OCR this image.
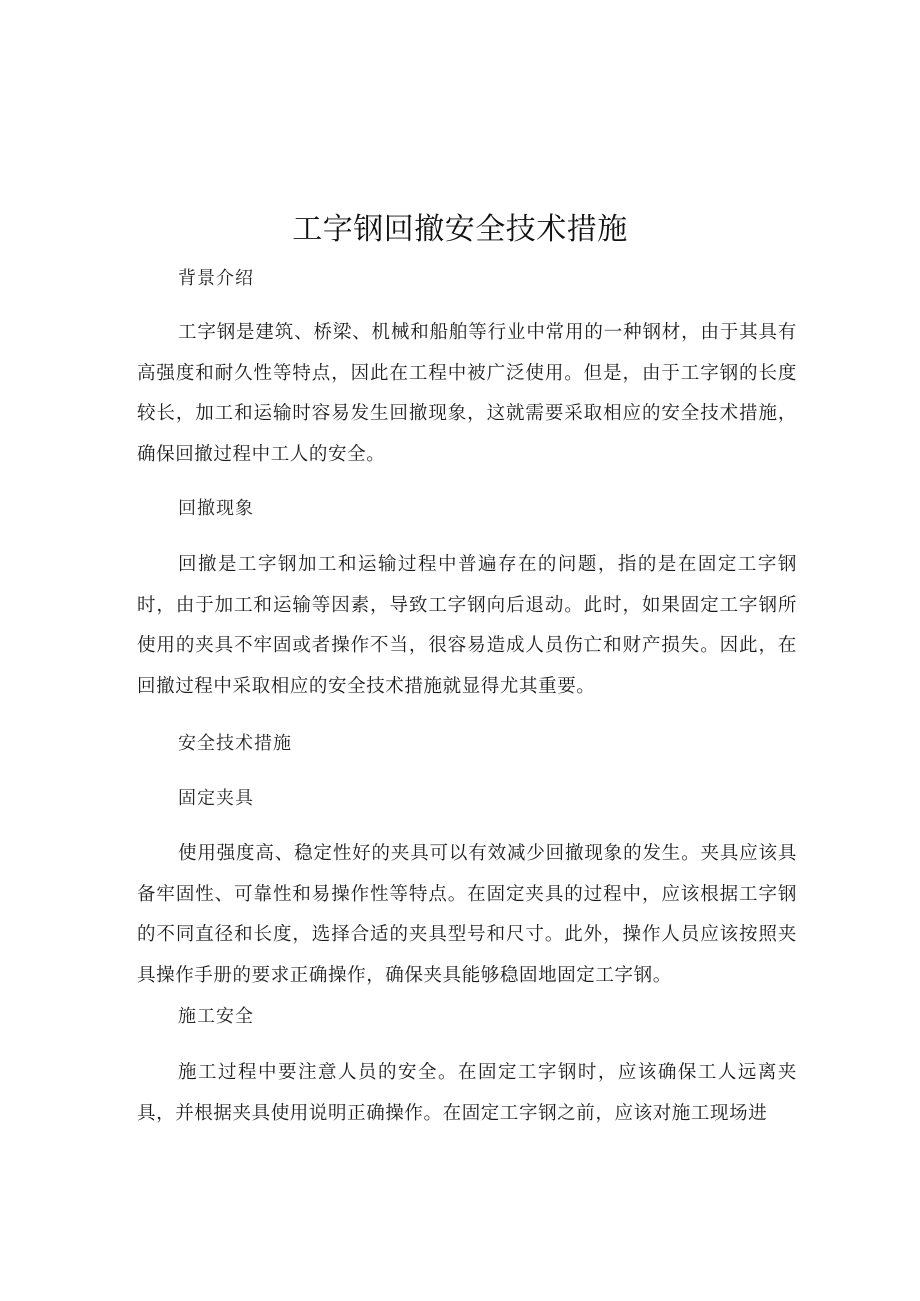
工字钢回撤安全技术措施
背景介绍
工字钢是建筑、桥梁、机械和船舶等行业中常用的一种钢材，由于其具有高强度和耐久性等特点，因此在工程中被广泛使用。但是，由于工字钢的长度较长，加工和运输时容易发生回撤现象，这就需要采取相应的安全技术措施，确保回撤过程中工人的安全。
回撤现象
回撤是工字钢加工和运输过程中普遍存在的问题，指的是在固定工字钢时，由于加工和运输等因素，导致工字钢向后退动。此时，如果固定工字钢所使用的夹具不牢固或者操作不当，很容易造成人员伤亡和财产损失。因此，在回撤过程中采取相应的安全技术措施就显得尤其重要。
安全技术措施
固定夹具
使用强度高、稳定性好的夹具可以有效减少回撤现象的发生。夹具应该具备牢固性、可靠性和易操作性等特点。在固定夹具的过程中，应该根据工字钢的不同直径和长度，选择合适的夹具型号和尺寸。此外，操作人员应该按照夹具操作手册的要求正确操作，确保夹具能够稳固地固定工字钢。
施工安全
施工过程中要注意人员的安全。在固定工字钢时，应该确保工人远离夹具，并根据夹具使用说明正确操作。在固定工字钢之前，应该对施工现场进
